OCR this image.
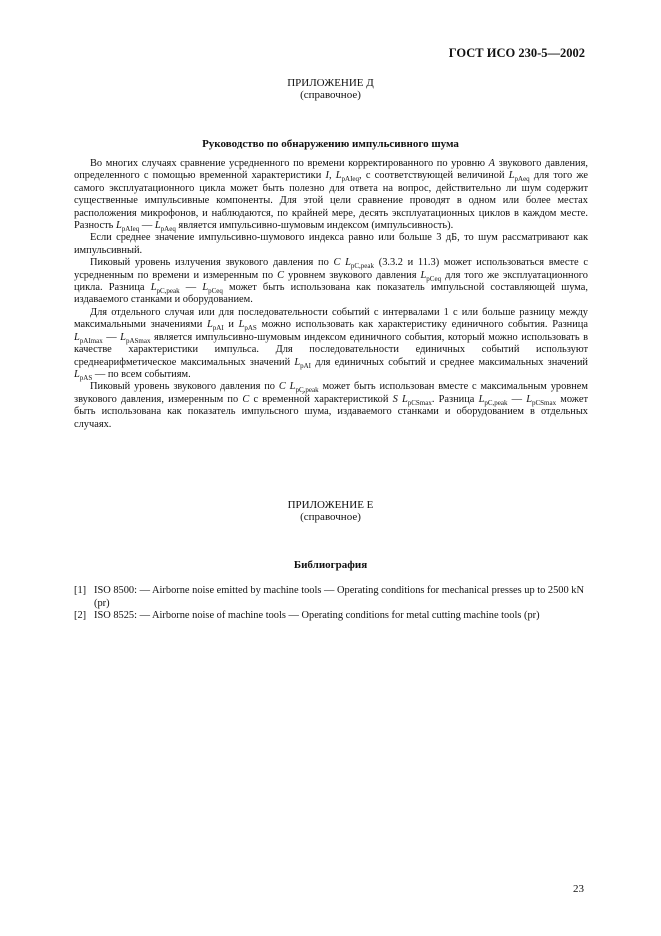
ГОСТ ИСО 230-5—2002
ПРИЛОЖЕНИЕ Д
(справочное)
Руководство по обнаружению импульсивного шума

Во многих случаях сравнение усредненного по времени корректированного по уровню A звукового давления, определенного с помощью временно́й характеристики I, $L_{pAIeq}$, с соответствующей величиной $L_{pAeq}$ для того же самого эксплуатационного цикла может быть полезно для ответа на вопрос, действительно ли шум содержит существенные импульсивные компоненты. Для этой цели сравнение проводят в одном или более местах расположения микрофонов, и наблюдаются, по крайней мере, десять эксплуатационных циклов в каждом месте. Разность $L_{pAIeq}$ — $L_{pAeq}$ является импульсивно-шумовым индексом (импульсивность).

Если среднее значение импульсивно-шумового индекса равно или больше 3 дБ, то шум рассматривают как импульсивный.

Пиковый уровень излучения звукового давления по C $L_{pC,peak}$ (3.3.2 и 11.3) может использоваться вместе с усредненным по времени и измеренным по C уровнем звукового давления $L_{pCeq}$ для того же эксплуатационного цикла. Разница $L_{pC,peak}$ — $L_{pCeq}$ может быть использована как показатель импульсной составляющей шума, издаваемого станками и оборудованием.

Для отдельного случая или для последовательности событий с интервалами 1 с или больше разницу между максимальными значениями $L_{pAI}$ и $L_{pAS}$ можно использовать как характеристику единичного события. Разница $L_{pAImax}$ — $L_{pASmax}$ является импульсивно-шумовым индексом единичного события, который можно использовать в качестве характеристики импульса. Для последовательности единичных событий используют среднеарифметическое максимальных значений $L_{pAI}$ для единичных событий и среднее максимальных значений $L_{pAS}$ — по всем событиям.

Пиковый уровень звукового давления по C $L_{pC,peak}$ может быть использован вместе с максимальным уровнем звукового давления, измеренным по C с временно́й характеристикой S $L_{pCSmax}$. Разница $L_{pC,peak}$ — $L_{pCSmax}$ может быть использована как показатель импульсного шума, издаваемого станками и оборудованием в отдельных случаях.

ПРИЛОЖЕНИЕ Е
(справочное)
Библиография
[1] ISO 8500: — Airborne noise emitted by machine tools — Operating conditions for mechanical presses up to 2500 kN (pr)
[2] ISO 8525: — Airborne noise of machine tools — Operating conditions for metal cutting machine tools (pr)
23
